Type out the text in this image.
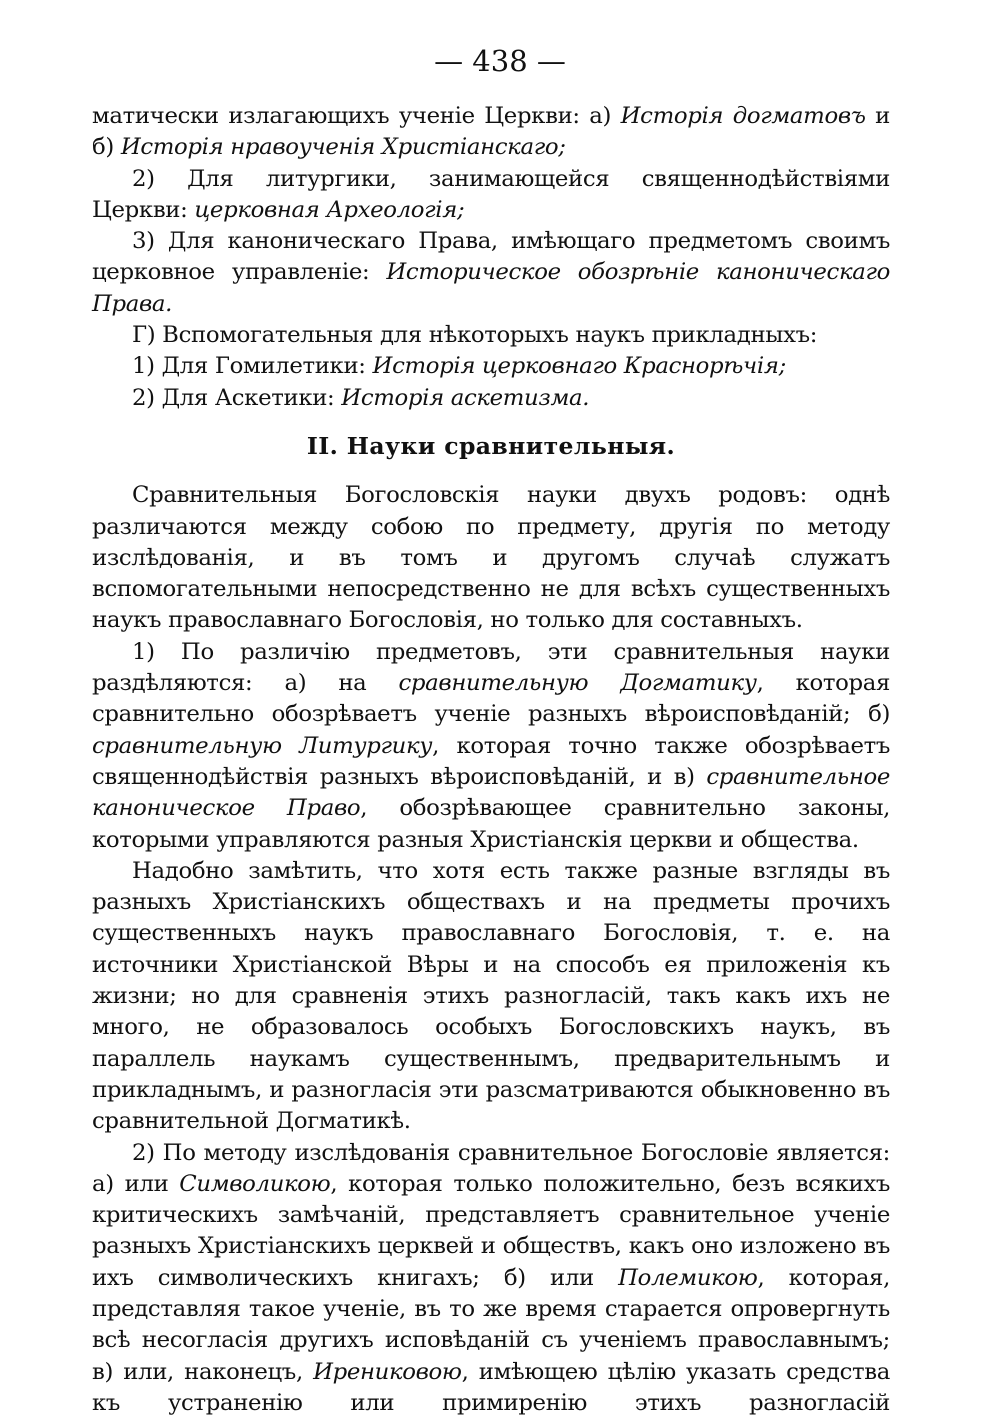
— 438 —

матически излагающихъ ученіе Церкви: а) Исторія догматовъ и б) Исторія нравоученія Христіанскаго;

2) Для литургики, занимающейся священнодѣйствіями Церкви: церковная Археологія;

3) Для каноническаго Права, имѣющаго предметомъ своимъ церковное управленіе: Историческое обозрѣніе каноническаго Права.

Г) Вспомогательныя для нѣкоторыхъ наукъ прикладныхъ:

1) Для Гомилетики: Исторія церковнаго Краснорѣчія;

2) Для Аскетики: Исторія аскетизма.

II. Науки сравнительныя.

Сравнительныя Богословскія науки двухъ родовъ: однѣ различаются между собою по предмету, другія по методу изслѣдованія, и въ томъ и другомъ случаѣ служатъ вспомогательными непосредственно не для всѣхъ существенныхъ наукъ православнаго Богословія, но только для составныхъ.

1) По различію предметовъ, эти сравнительныя науки раздѣляются: а) на сравнительную Догматику, которая сравнительно обозрѣваетъ ученіе разныхъ вѣроисповѣданій; б) сравнительную Литургику, которая точно также обозрѣваетъ священнодѣйствія разныхъ вѣроисповѣданій, и в) сравнительное каноническое Право, обозрѣвающее сравнительно законы, которыми управляются разныя Христіанскія церкви и общества.

Надобно замѣтить, что хотя есть также разные взгляды въ разныхъ Христіанскихъ обществахъ и на предметы прочихъ существенныхъ наукъ православнаго Богословія, т. е. на источники Христіанской Вѣры и на способъ ея приложенія къ жизни; но для сравненія этихъ разногласій, такъ какъ ихъ не много, не образовалось особыхъ Богословскихъ наукъ, въ параллель наукамъ существеннымъ, предварительнымъ и прикладнымъ, и разногласія эти разсматриваются обыкновенно въ сравнительной Догматикѣ.

2) По методу изслѣдованія сравнительное Богословіе является: а) или Символикою, которая только положительно, безъ всякихъ критическихъ замѣчаній, представляетъ сравнительное ученіе разныхъ Христіанскихъ церквей и обществъ, какъ оно изложено въ ихъ символическихъ книгахъ; б) или Полемикою, которая, представляя такое ученіе, въ то же время старается опровергнуть всѣ несогласія другихъ исповѣданій съ ученіемъ православнымъ; в) или, наконецъ, Ирениковою, имѣющею цѣлію указать средства къ устраненію или примиренію этихъ разногласій
